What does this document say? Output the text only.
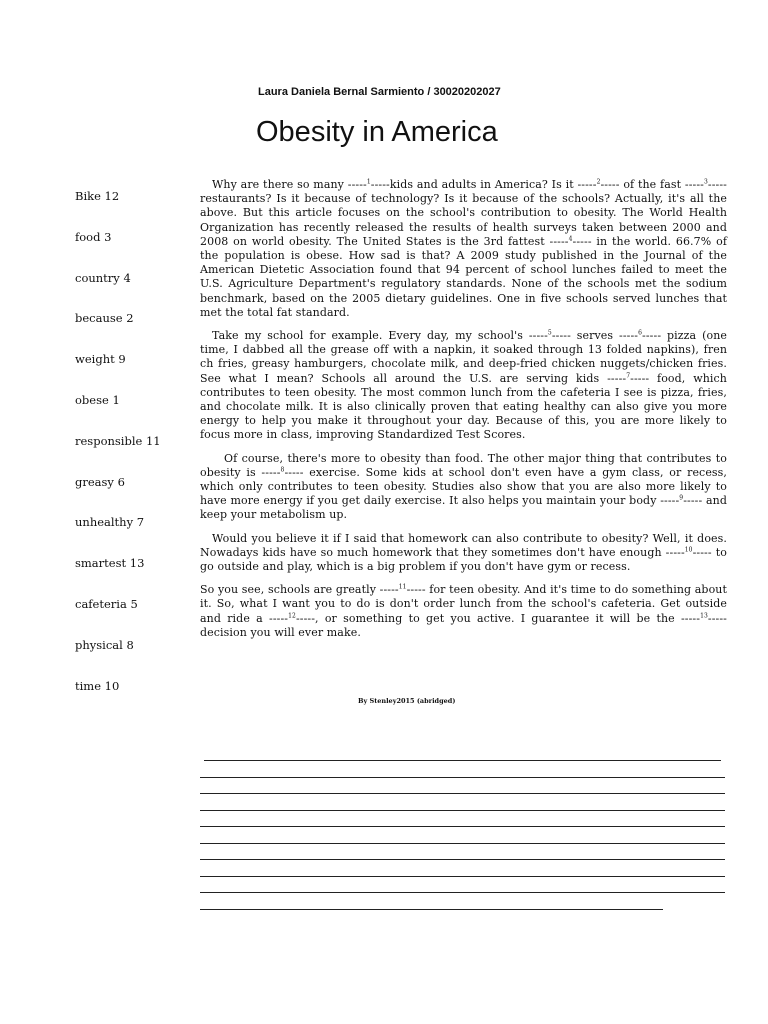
Laura Daniela Bernal Sarmiento / 30020202027
Obesity in America
Bike 12
food 3
country 4
because 2
weight 9
obese 1
responsible 11
greasy 6
unhealthy 7
smartest 13
cafeteria 5
physical 8
time 10

Why are there so many -----$^1$-----kids and adults in America? Is it -----$^2$----- of the fast -----$^3$----- restaurants? Is it because of technology? Is it because of the schools? Actually, it's all the above. But this article focuses on the school's contribution to obesity. The World Health Organization has recently released the results of health surveys taken between 2000 and 2008 on world obesity. The United States is the 3rd fattest -----$^4$----- in the world. 66.7% of the population is obese. How sad is that? A 2009 study published in the Journal of the American Dietetic Association found that 94 percent of school lunches failed to meet the U.S. Agriculture Department's regulatory standards. None of the schools met the sodium benchmark, based on the 2005 dietary guidelines. One in five schools served lunches that met the total fat standard.

Take my school for example. Every day, my school's -----$^5$----- serves -----$^6$----- pizza (one time, I dabbed all the grease off with a napkin, it soaked through 13 folded napkins), fren ch fries, greasy hamburgers, chocolate milk, and deep-fried chicken nuggets/chicken fries. See what I mean? Schools all around the U.S. are serving kids -----$^7$----- food, which contributes to teen obesity. The most common lunch from the cafeteria I see is pizza, fries, and chocolate milk. It is also clinically proven that eating healthy can also give you more energy to help you make it throughout your day. Because of this, you are more likely to focus more in class, improving Standardized Test Scores.

Of course, there's more to obesity than food. The other major thing that contributes to obesity is -----$^8$----- exercise. Some kids at school don't even have a gym class, or recess, which only contributes to teen obesity. Studies also show that you are also more likely to have more energy if you get daily exercise. It also helps you maintain your body -----$^9$----- and keep your metabolism up.

Would you believe it if I said that homework can also contribute to obesity? Well, it does. Nowadays kids have so much homework that they sometimes don't have enough -----$^{10}$----- to go outside and play, which is a big problem if you don't have gym or recess.

So you see, schools are greatly -----$^{11}$----- for teen obesity. And it's time to do something about it. So, what I want you to do is don't order lunch from the school's cafeteria. Get outside and ride a -----$^{12}$-----, or something to get you active. I guarantee it will be the -----$^{13}$----- decision you will ever make.

By Stenley2015 (abridged)
